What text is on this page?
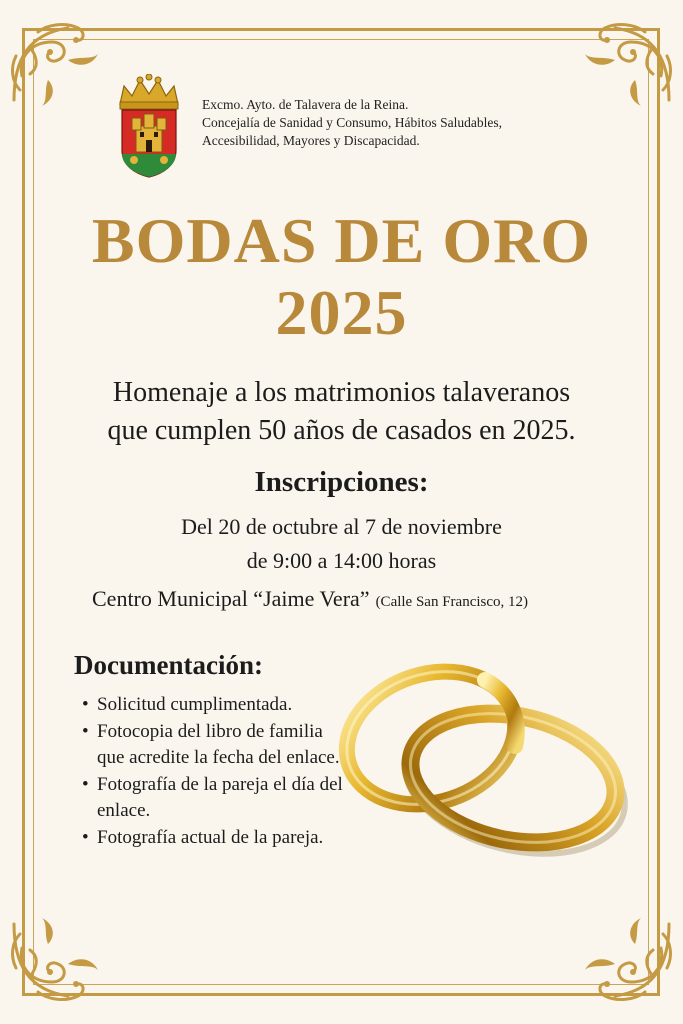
Excmo. Ayto. de Talavera de la Reina.
Concejalía de Sanidad y Consumo, Hábitos Saludables,
Accesibilidad, Mayores y Discapacidad.
BODAS DE ORO
2025
Homenaje a los matrimonios talaveranos
que cumplen 50 años de casados en 2025.
Inscripciones:
Del 20 de octubre al 7 de noviembre
de 9:00 a 14:00 horas
Centro Municipal “Jaime Vera” (Calle San Francisco, 12)
Documentación:
• Solicitud cumplimentada.
• Fotocopia del libro de familia que acredite la fecha del enlace.
• Fotografía de la pareja el día del enlace.
• Fotografía actual de la pareja.
